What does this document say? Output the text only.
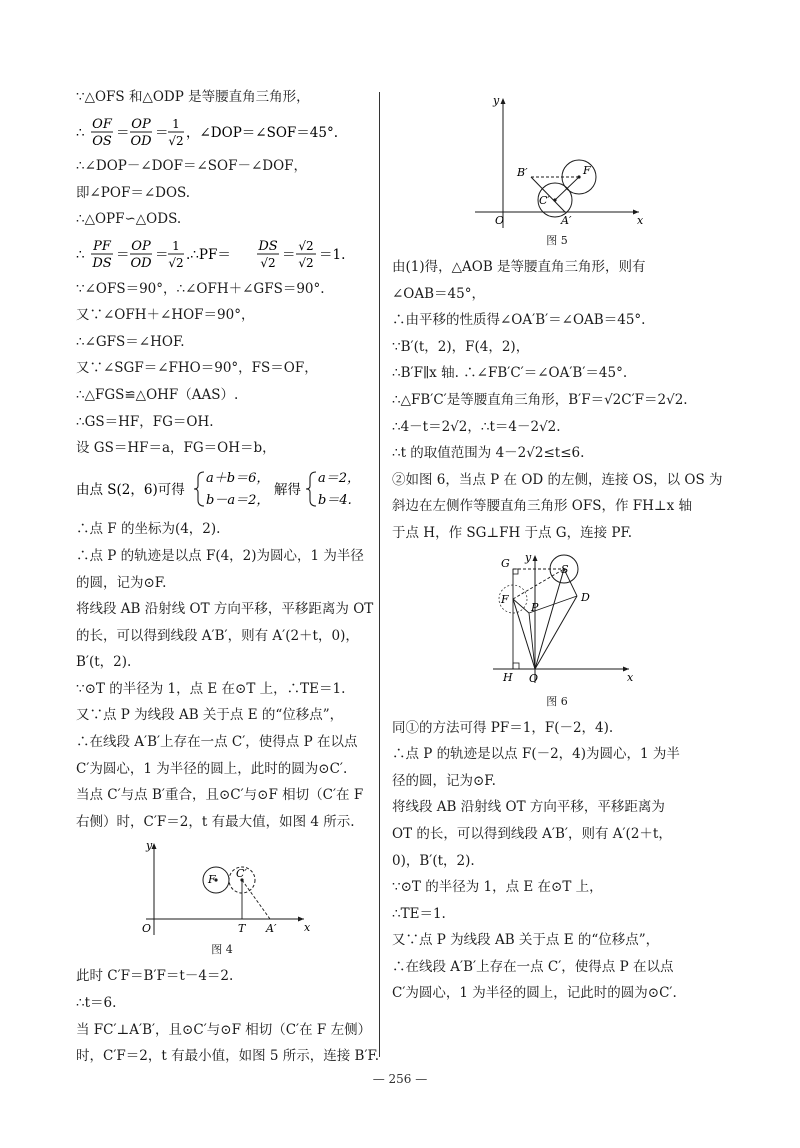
∵△OFS 和△ODP 是等腰直角三角形，
∴
OF
OS
＝
OP
OD
＝
1
√2 ，∠DOP＝∠SOF＝45°.
∴∠DOP－∠DOF＝∠SOF－∠DOF，
即∠POF＝∠DOS.
∴△OPF∽△ODS.
∴
PF
DS
＝
OP
OD
＝
1
√2 .∴PF＝
DS
√2 ＝
√2
√2 ＝1.
∵∠OFS＝90°，∴∠OFH＋∠GFS＝90°.
又∵∠OFH＋∠HOF＝90°，
∴∠GFS＝∠HOF.
又∵∠SGF＝∠FHO＝90°，FS＝OF，
∴△FGS≌△OHF（AAS）.
∴GS＝HF，FG＝OH.
设 GS＝HF＝a，FG＝OH＝b，
由点 S(2，6)可得
a＋b＝6，
b－a＝2，
解得
a＝2，
b＝4.
∴点 F 的坐标为(4，2).
∴点 P 的轨迹是以点 F(4，2)为圆心，1 为半径
的圆，记为⊙F.
将线段 AB 沿射线 OT 方向平移，平移距离为 OT
的长，可以得到线段 A′B′，则有 A′(2＋t，0)，
B′(t，2).
∵⊙T 的半径为 1，点 E 在⊙T 上，∴TE＝1.
又∵点 P 为线段 AB 关于点 E 的“位移点”，
∴在线段 A′B′上存在一点 C′，使得点 P 在以点
C′为圆心，1 为半径的圆上，此时的圆为⊙C′.
当点 C′与点 B′重合，且⊙C′与⊙F 相切（C′在 F
右侧）时，C′F＝2，t 有最大值，如图 4 所示.
y
x
O
F C′
T A′
图 4
此时 C′F＝B′F＝t－4＝2.
∴t＝6.
当 FC′⊥A′B′，且⊙C′与⊙F 相切（C′在 F 左侧）
时，C′F＝2，t 有最小值，如图 5 所示，连接 B′F.
y
x
O
F
B′
C′
A′
图 5
由(1)得，△AOB 是等腰直角三角形，则有
∠OAB＝45°，
∴由平移的性质得∠OA′B′＝∠OAB＝45°.
∵B′(t，2)，F(4，2)，
∴B′F∥x 轴. ∴∠FB′C′＝∠OA′B′＝45°.
∴△FB′C′是等腰直角三角形，B′F＝√2C′F＝2√2.
∴4－t＝2√2，∴t＝4－2√2.
∴t 的取值范围为 4－2√2≤t≤6.
②如图 6，当点 P 在 OD 的左侧，连接 OS，以 OS 为
斜边在左侧作等腰直角三角形 OFS，作 FH⊥x 轴
于点 H，作 SG⊥FH 于点 G，连接 PF.
y
x
O
G	S
D
F
P
H
图 6
同①的方法可得 PF＝1，F(－2，4).
∴点 P 的轨迹是以点 F(－2，4)为圆心，1 为半
径的圆，记为⊙F.
将线段 AB 沿射线 OT 方向平移，平移距离为
OT 的长，可以得到线段 A′B′，则有 A′(2＋t，
0)，B′(t，2).
∵⊙T 的半径为 1，点 E 在⊙T 上，
∴TE＝1.
又∵点 P 为线段 AB 关于点 E 的“位移点”，
∴在线段 A′B′上存在一点 C′，使得点 P 在以点
C′为圆心，1 为半径的圆上，记此时的圆为⊙C′.
— 256 —
